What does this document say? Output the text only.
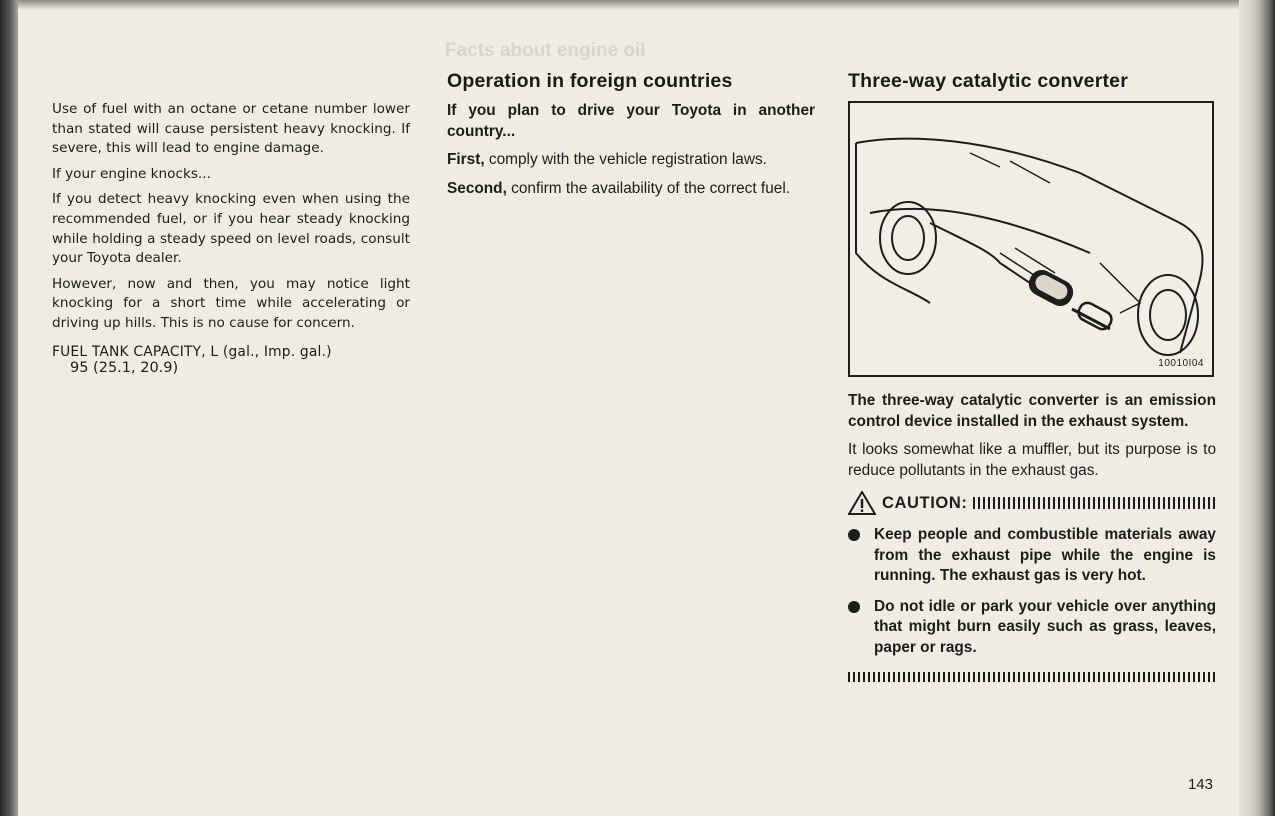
Facts about engine oil

Use of fuel with an octane or cetane number lower than stated will cause persistent heavy knocking. If severe, this will lead to engine damage.

If your engine knocks...

If you detect heavy knocking even when using the recommended fuel, or if you hear steady knocking while holding a steady speed on level roads, consult your Toyota dealer.

However, now and then, you may notice light knocking for a short time while accelerating or driving up hills. This is no cause for concern.

FUEL TANK CAPACITY, L (gal., Imp. gal.)

95 (25.1, 20.9)

Operation in foreign countries

If you plan to drive your Toyota in another country...

First, comply with the vehicle registration laws.

Second, confirm the availability of the correct fuel.

Three-way catalytic converter
10010I04

The three-way catalytic converter is an emission control device installed in the exhaust system.

It looks somewhat like a muffler, but its purpose is to reduce pollutants in the exhaust gas.

CAUTION:
Keep people and combustible materials away from the exhaust pipe while the engine is running. The exhaust gas is very hot.
Do not idle or park your vehicle over anything that might burn easily such as grass, leaves, paper or rags.
143
